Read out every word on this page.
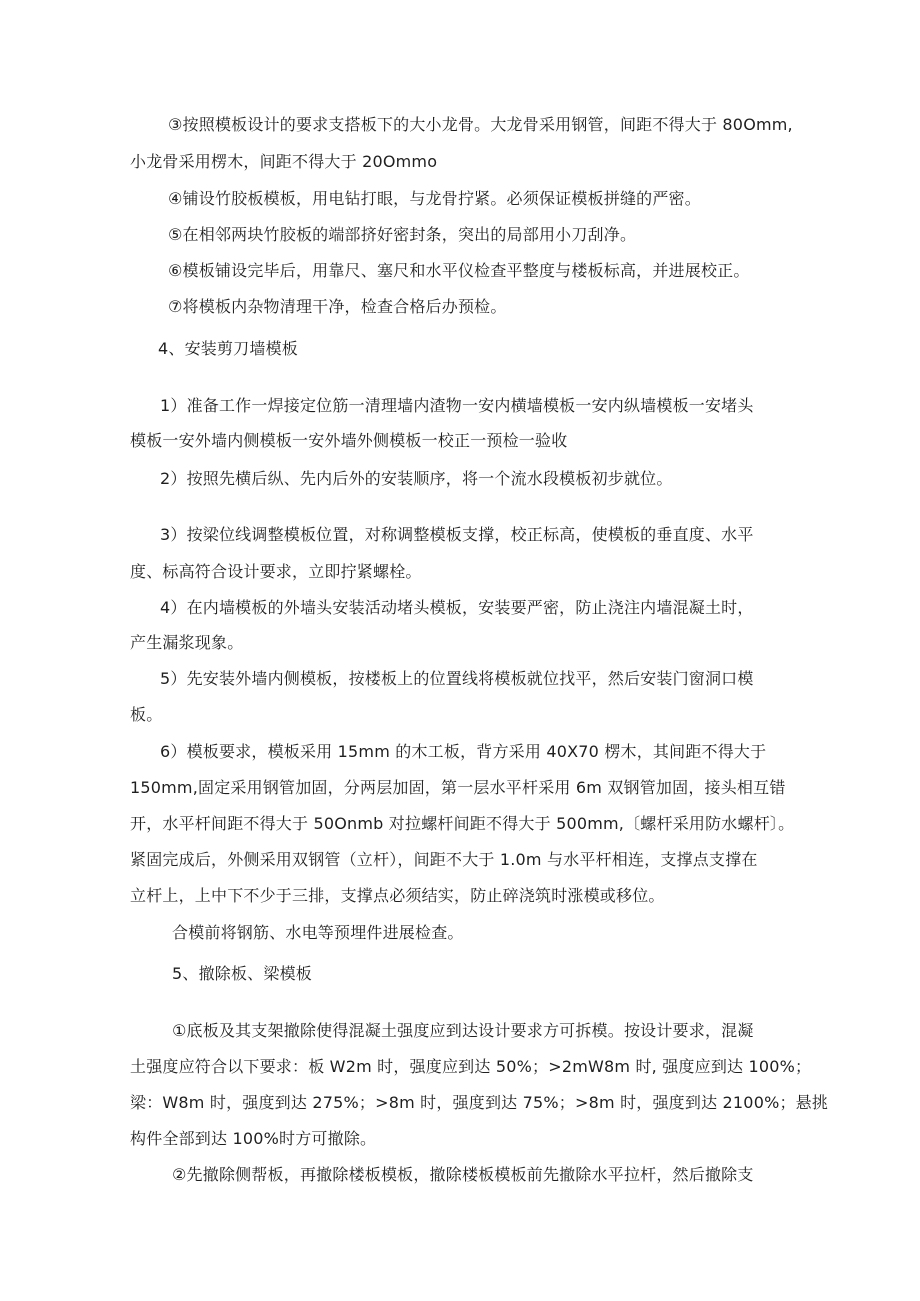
③按照模板设计的要求支搭板下的大小龙骨。大龙骨采用钢管，间距不得大于 80Omm,
小龙骨采用楞木，间距不得大于 20Ommo
④铺设竹胶板模板，用电钻打眼，与龙骨拧紧。必须保证模板拼缝的严密。
⑤在相邻两块竹胶板的端部挤好密封条，突出的局部用小刀刮净。
⑥模板铺设完毕后，用靠尺、塞尺和水平仪检查平整度与楼板标高，并进展校正。
⑦将模板内杂物清理干净，检查合格后办预检。
4、安装剪刀墙模板
1）准备工作一焊接定位筋一清理墙内渣物一安内横墙模板一安内纵墙模板一安堵头
模板一安外墙内侧模板一安外墙外侧模板一校正一预检一验收
2）按照先横后纵、先内后外的安装顺序，将一个流水段模板初步就位。
3）按梁位线调整模板位置，对称调整模板支撑，校正标高，使模板的垂直度、水平
度、标高符合设计要求，立即拧紧螺栓。
4）在内墙模板的外墙头安装活动堵头模板，安装要严密，防止浇注内墙混凝土时，
产生漏浆现象。
5）先安装外墙内侧模板，按楼板上的位置线将模板就位找平，然后安装门窗洞口模
板。
6）模板要求，模板采用 15mm 的木工板，背方采用 40X70 楞木，其间距不得大于
150mm,固定采用钢管加固，分两层加固，第一层水平杆采用 6m 双钢管加固，接头相互错
开，水平杆间距不得大于 50Onmb 对拉螺杆间距不得大于 500mm,〔螺杆采用防水螺杆〕。
紧固完成后，外侧采用双钢管（立杆），间距不大于 1.0m 与水平杆相连，支撑点支撑在
立杆上，上中下不少于三排，支撑点必须结实，防止碎浇筑时涨模或移位。
合模前将钢筋、水电等预埋件进展检查。
5、撤除板、梁模板
①底板及其支架撤除使得混凝土强度应到达设计要求方可拆模。按设计要求，混凝
土强度应符合以下要求：板 W2m 时，强度应到达 50%；>2mW8m 时, 强度应到达 100%；
梁：W8m 时，强度到达 275%；>8m 时，强度到达 75%；>8m 时，强度到达 2100%；悬挑
构件全部到达 100%时方可撤除。
②先撤除侧帮板，再撤除楼板模板，撤除楼板模板前先撤除水平拉杆，然后撤除支
